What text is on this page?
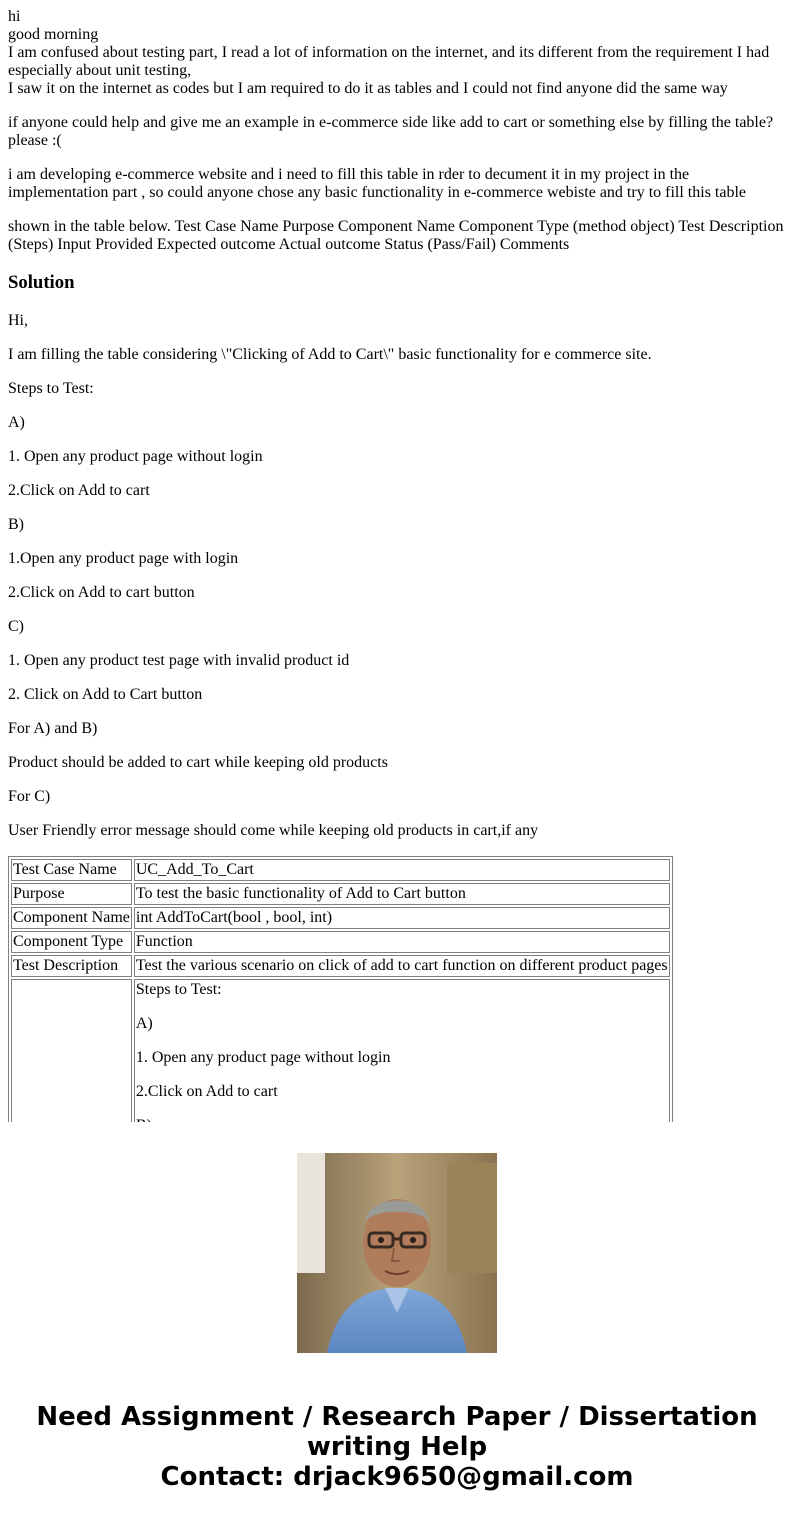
hi
good morning
I am confused about testing part, I read a lot of information on the internet, and its different from the requirement I had especially about unit testing,
I saw it on the internet as codes but I am required to do it as tables and I could not find anyone did the same way

if anyone could help and give me an example in e-commerce side like add to cart or something else by filling the table? please :(

i am developing e-commerce website and i need to fill this table in rder to decument it in my project in the implementation part , so could anyone chose any basic functionality in e-commerce webiste and try to fill this table

shown in the table below. Test Case Name Purpose Component Name Component Type (method object) Test Description (Steps) Input Provided Expected outcome Actual outcome Status (Pass/Fail) Comments

Solution

Hi,

I am filling the table considering \"Clicking of Add to Cart\" basic functionality for e commerce site.

Steps to Test:

A)

1. Open any product page without login

2.Click on Add to cart

B)

1.Open any product page with login

2.Click on Add to cart button

C)

1. Open any product test page with invalid product id

2. Click on Add to Cart button

For A) and B)

Product should be added to cart while keeping old products

For C)

User Friendly error message should come while keeping old products in cart,if any

Test Case Name	UC_Add_To_Cart
Purpose	To test the basic functionality of Add to Cart button
Component Name	int AddToCart(bool , bool, int)
Component Type	Function
Test Description	Test the various scenario on click of add to cart function on different product pages

	Steps to Test:

A)

1. Open any product page without login

2.Click on Add to cart

Need Assignment / Research Paper / Dissertation
writing Help
Contact: drjack9650@gmail.com
